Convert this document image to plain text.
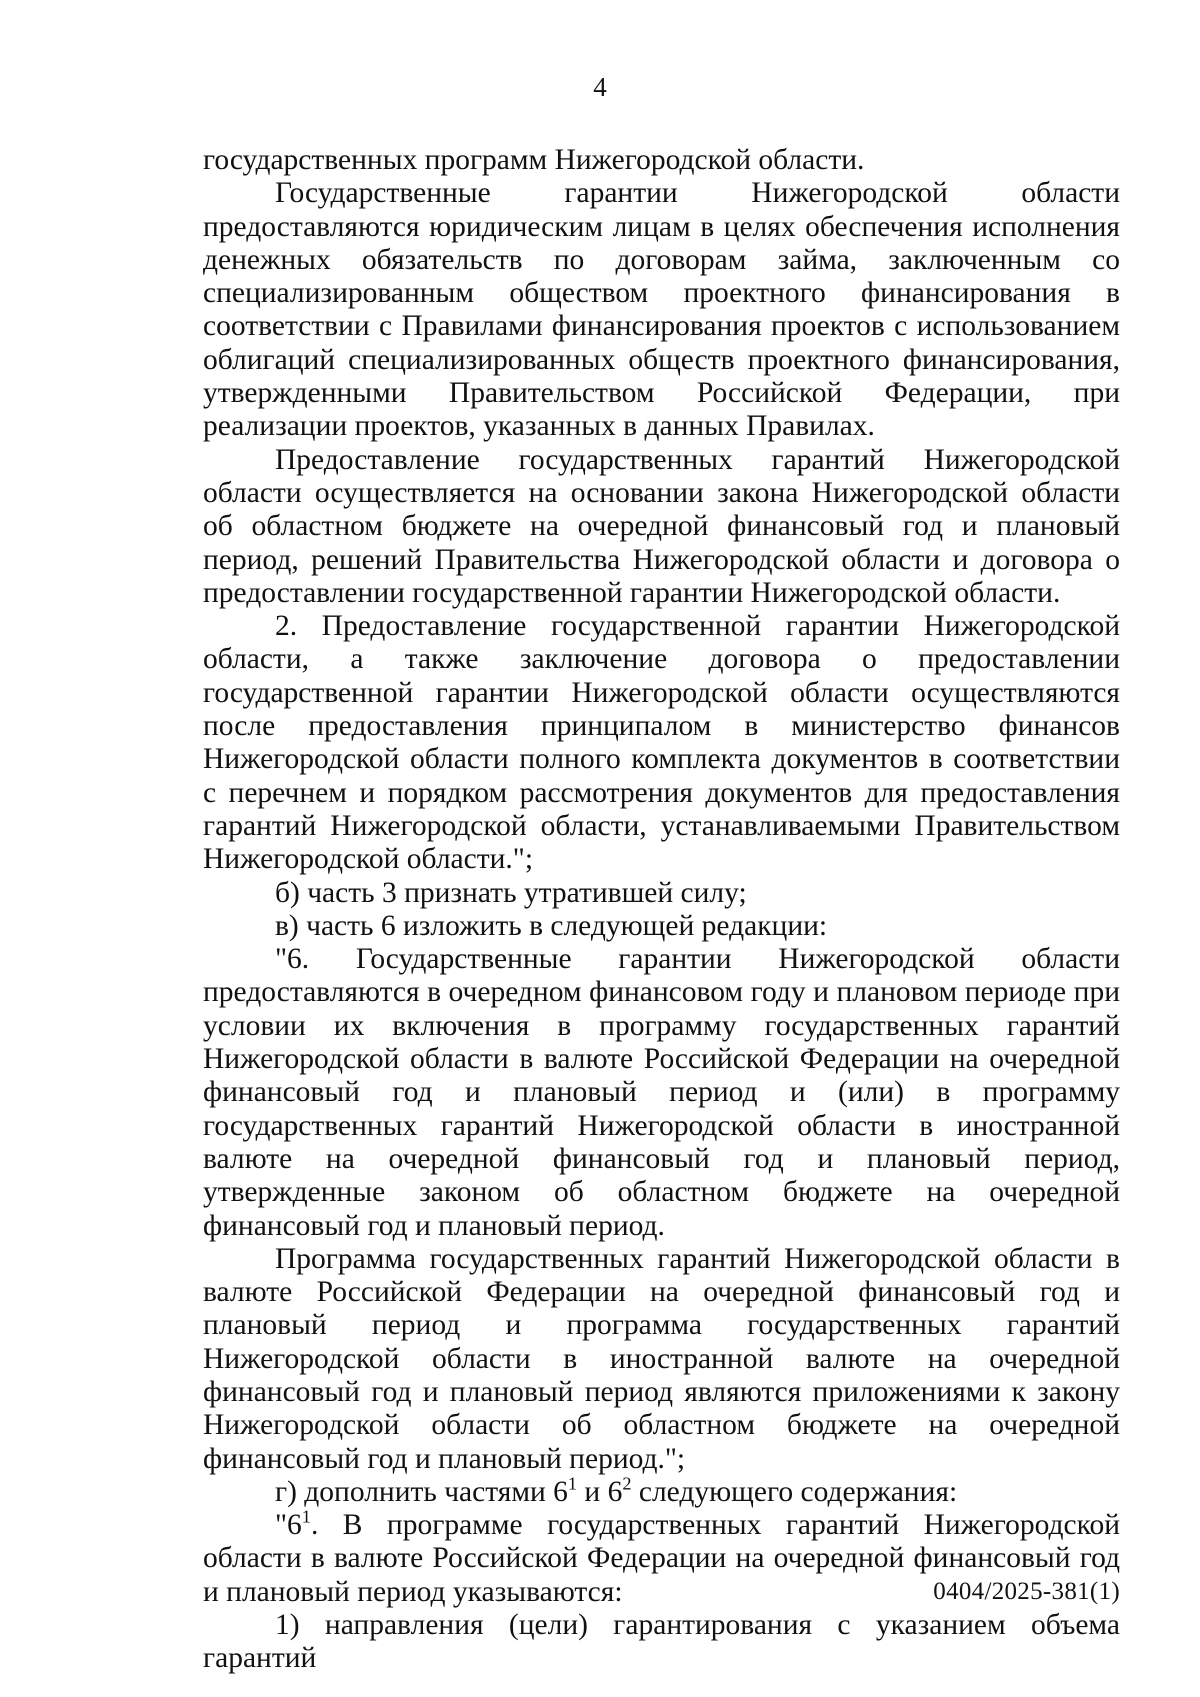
4

государственных программ Нижегородской области.

Государственные гарантии Нижегородской области предоставляются юридическим лицам в целях обеспечения исполнения денежных обязательств по договорам займа, заключенным со специализированным обществом проектного финансирования в соответствии с Правилами финансирования проектов с использованием облигаций специализированных обществ проектного финансирования, утвержденными Правительством Российской Федерации, при реализации проектов, указанных в данных Правилах.

Предоставление государственных гарантий Нижегородской области осуществляется на основании закона Нижегородской области об областном бюджете на очередной финансовый год и плановый период, решений Правительства Нижегородской области и договора о предоставлении государственной гарантии Нижегородской области.

2. Предоставление государственной гарантии Нижегородской области, а также заключение договора о предоставлении государственной гарантии Нижегородской области осуществляются после предоставления принципалом в министерство финансов Нижегородской области полного комплекта документов в соответствии с перечнем и порядком рассмотрения документов для предоставления гарантий Нижегородской области, устанавливаемыми Правительством Нижегородской области.";

б) часть 3 признать утратившей силу;

в) часть 6 изложить в следующей редакции:

"6. Государственные гарантии Нижегородской области предоставляются в очередном финансовом году и плановом периоде при условии их включения в программу государственных гарантий Нижегородской области в валюте Российской Федерации на очередной финансовый год и плановый период и (или) в программу государственных гарантий Нижегородской области в иностранной валюте на очередной финансовый год и плановый период, утвержденные законом об областном бюджете на очередной финансовый год и плановый период.

Программа государственных гарантий Нижегородской области в валюте Российской Федерации на очередной финансовый год и плановый период и программа государственных гарантий Нижегородской области в иностранной валюте на очередной финансовый год и плановый период являются приложениями к закону Нижегородской области об областном бюджете на очередной финансовый год и плановый период.";

г) дополнить частями $6^1$ и $6^2$ следующего содержания:

"$6^1$. В программе государственных гарантий Нижегородской области в валюте Российской Федерации на очередной финансовый год и плановый период указываются:

1) направления (цели) гарантирования с указанием объема гарантий

0404/2025-381(1)
